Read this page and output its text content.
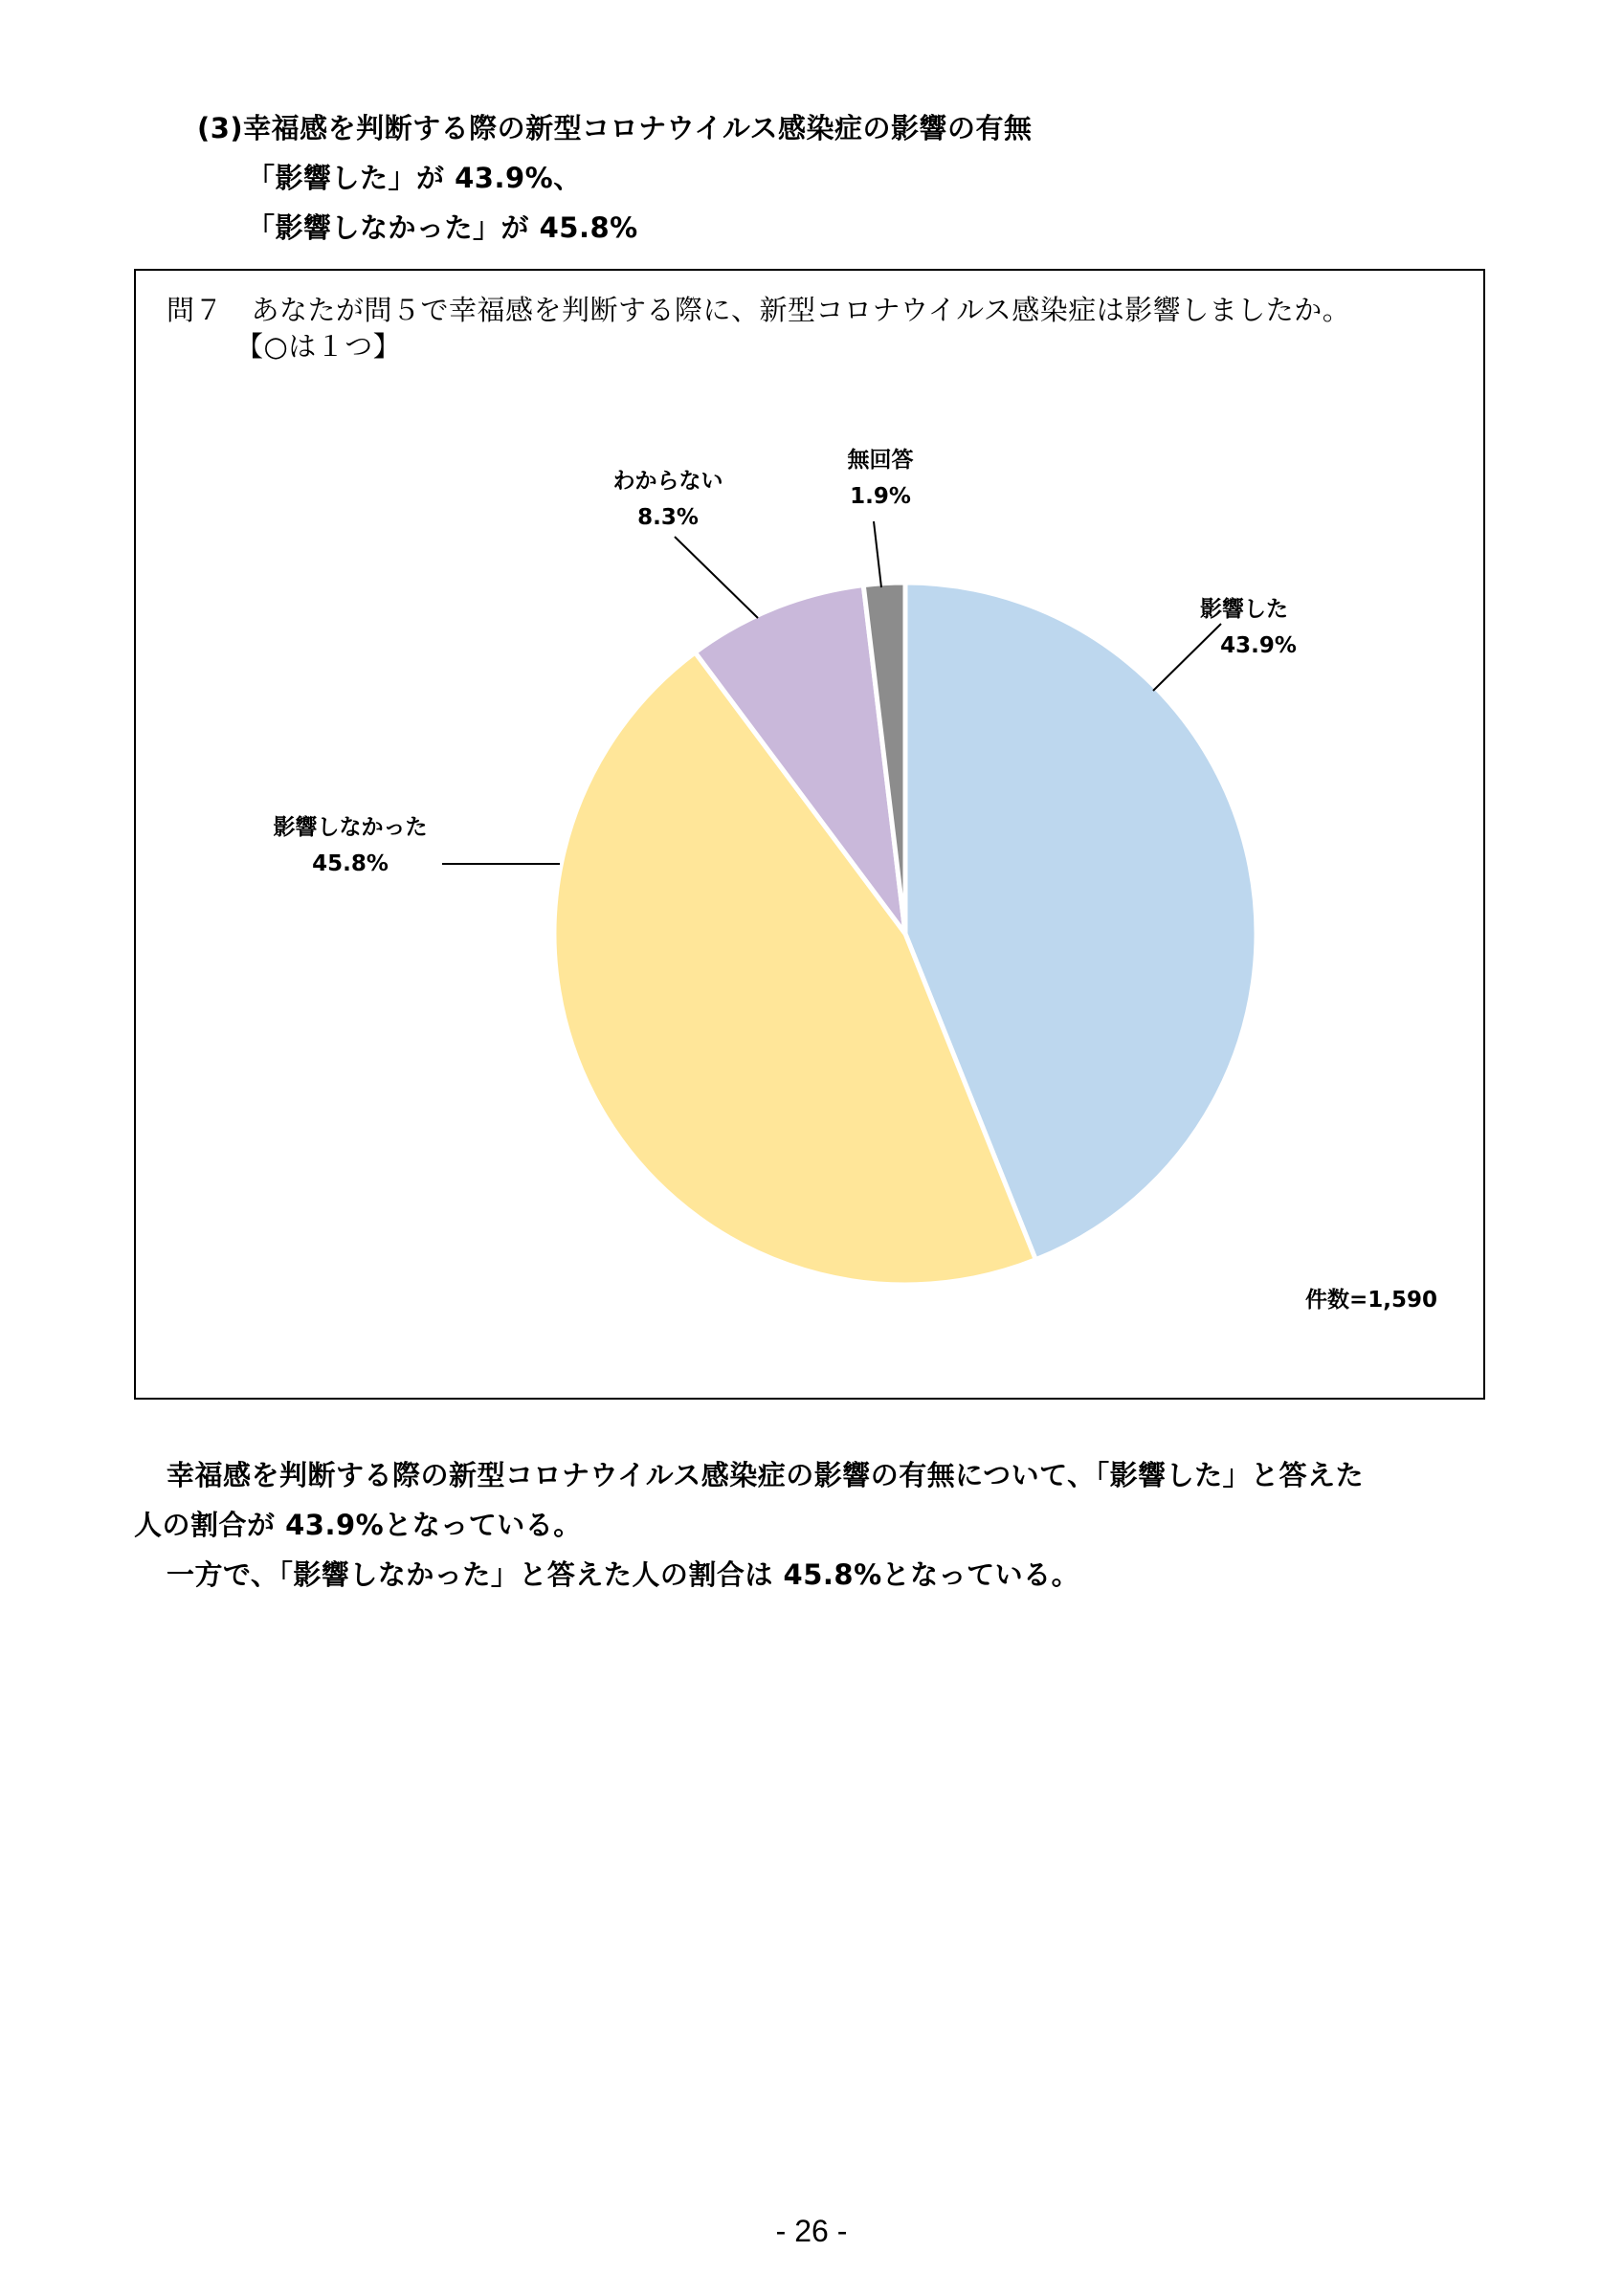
(3)幸福感を判断する際の新型コロナウイルス感染症の影響の有無
「影響した」が 43.9%、
「影響しなかった」が 45.8%
問７　あなたが問５で幸福感を判断する際に、新型コロナウイルス感染症は影響しましたか。
【○は１つ】
影響した
43.9%
影響しなかった
45.8%
わからない
8.3%
無回答
1.9%
件数=1,590
幸福感を判断する際の新型コロナウイルス感染症の影響の有無について、「影響した」と答えた
人の割合が 43.9%となっている。
一方で、「影響しなかった」と答えた人の割合は 45.8%となっている。
- 26 -
